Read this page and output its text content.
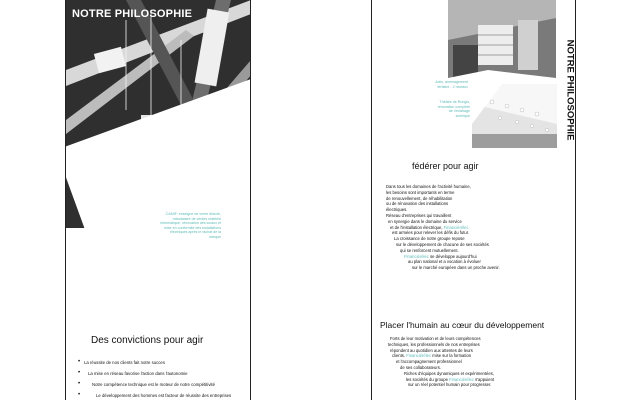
NOTRE PHILOSOPHIE
CAMIF: enseigne de vente directe, mandataire de ventes matériel informatique, rénovation des locaux et mise en conformité des installations électriques après le rachat de la marque
Des convictions pour agir
• La réussite de nos clients fait notre succes
• La mise en réseau favorise l'action dans l'autonomie
• Notre compétence technique est le moteur de notre compétitivité
• Le développement des hommes est facteur de réussite des entreprises
NOTRE PHILOSOPHIE
Actis, aménagement tertiaire - 2 niveaux
Théâtre de Rungis, rénovation complète de l'éclairage scénique
fédérer pour agir
Dans tous les domaines de l'activité humaine,
les besoins sont importants en terme
de renouvellement, de réhabilitation
ou de rénovation des installations
électriques.
Réseau d'entreprises qui travaillent
en synergie dans le domaine du service
et de l'installation électrique, Financiérélec
est armées pour relever les défis du futur.
La croissance de notre groupe repose
sur le développement de chacune de ses sociétés
qui se renforcent mutuellement.
Financiérélec se développe aujourd'hui
au plan national et a vocation à évoluer
sur le marché européen dans un proche avenir.
Placer l'humain au cœur du développement
Forts de leur motivation et de leurs compétences
techniques, les professionnels de nos entreprises
répondent au quotidien aux attentes de leurs
clients. Financiérélec mise sur la formation
et l'accompagnement professionnel
de ses collaborateurs.
Riches d'équipes dynamiques et expérimentées,
les sociétés du groupe Financiérélec s'appuient
sur un réel potentiel humain pour progresser.
